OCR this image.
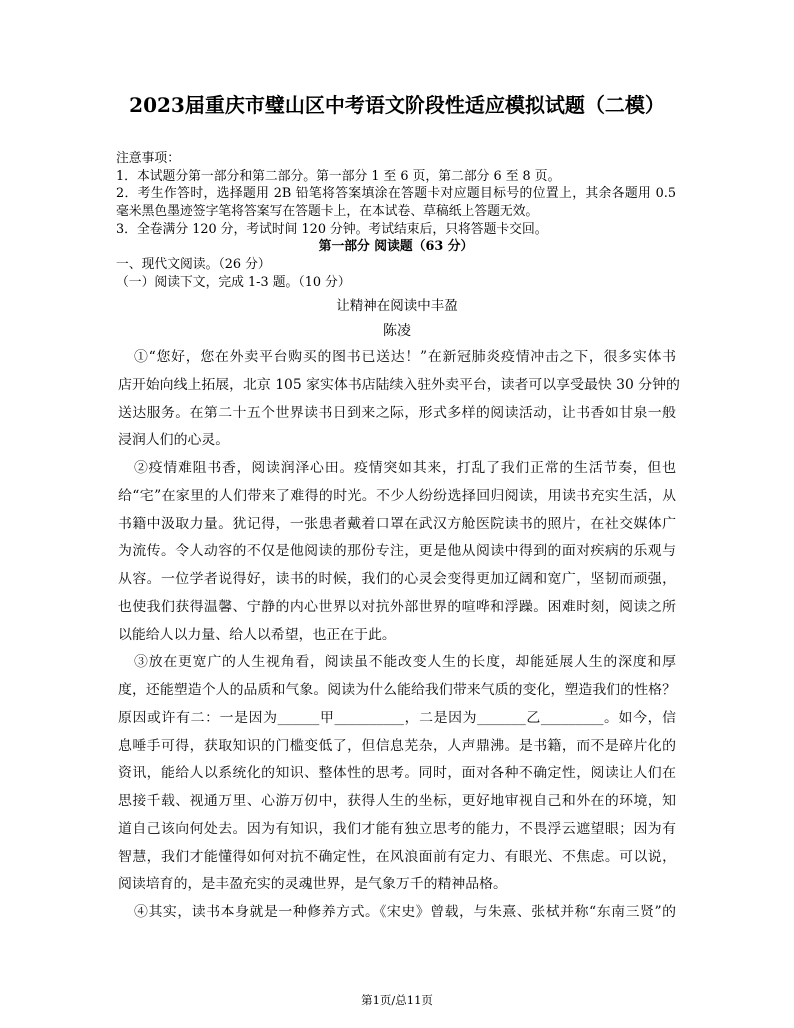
2023届重庆市璧山区中考语文阶段性适应模拟试题（二模）
注意事项：
1．本试题分第一部分和第二部分。第一部分 1 至 6 页，第二部分 6 至 8 页。
2．考生作答时，选择题用 2B 铅笔将答案填涂在答题卡对应题目标号的位置上，其余各题用 0.5
毫米黑色墨迹签字笔将答案写在答题卡上，在本试卷、草稿纸上答题无效。
3．全卷满分 120 分，考试时间 120 分钟。考试结束后，只将答题卡交回。
第一部分 阅读题（63 分）
一、现代文阅读。（26 分）
（一）阅读下文，完成 1-3 题。（10 分）
让精神在阅读中丰盈
陈凌
①“您好，您在外卖平台购买的图书已送达！”在新冠肺炎疫情冲击之下，很多实体书
店开始向线上拓展，北京 105 家实体书店陆续入驻外卖平台，读者可以享受最快 30 分钟的
送达服务。在第二十五个世界读书日到来之际，形式多样的阅读活动，让书香如甘泉一般
浸润人们的心灵。
②疫情难阻书香，阅读润泽心田。疫情突如其来，打乱了我们正常的生活节奏，但也
给“宅”在家里的人们带来了难得的时光。不少人纷纷选择回归阅读，用读书充实生活，从
书籍中汲取力量。犹记得，一张患者戴着口罩在武汉方舱医院读书的照片，在社交媒体广
为流传。令人动容的不仅是他阅读的那份专注，更是他从阅读中得到的面对疾病的乐观与
从容。一位学者说得好，读书的时候，我们的心灵会变得更加辽阔和宽广，坚韧而顽强，
也使我们获得温馨、宁静的内心世界以对抗外部世界的喧哗和浮躁。困难时刻，阅读之所
以能给人以力量、给人以希望，也正在于此。
③放在更宽广的人生视角看，阅读虽不能改变人生的长度，却能延展人生的深度和厚
度，还能塑造个人的品质和气象。阅读为什么能给我们带来气质的变化，塑造我们的性格？
原因或许有二：一是因为______甲__________，二是因为_______乙_________。如今，信
息唾手可得，获取知识的门槛变低了，但信息芜杂，人声鼎沸。是书籍，而不是碎片化的
资讯，能给人以系统化的知识、整体性的思考。同时，面对各种不确定性，阅读让人们在
思接千载、视通万里、心游万仞中，获得人生的坐标，更好地审视自己和外在的环境，知
道自己该向何处去。因为有知识，我们才能有独立思考的能力，不畏浮云遮望眼；因为有
智慧，我们才能懂得如何对抗不确定性，在风浪面前有定力、有眼光、不焦虑。可以说，
阅读培育的，是丰盈充实的灵魂世界，是气象万千的精神品格。
④其实，读书本身就是一种修养方式。《宋史》曾载，与朱熹、张栻并称“东南三贤”的
第1页/总11页
